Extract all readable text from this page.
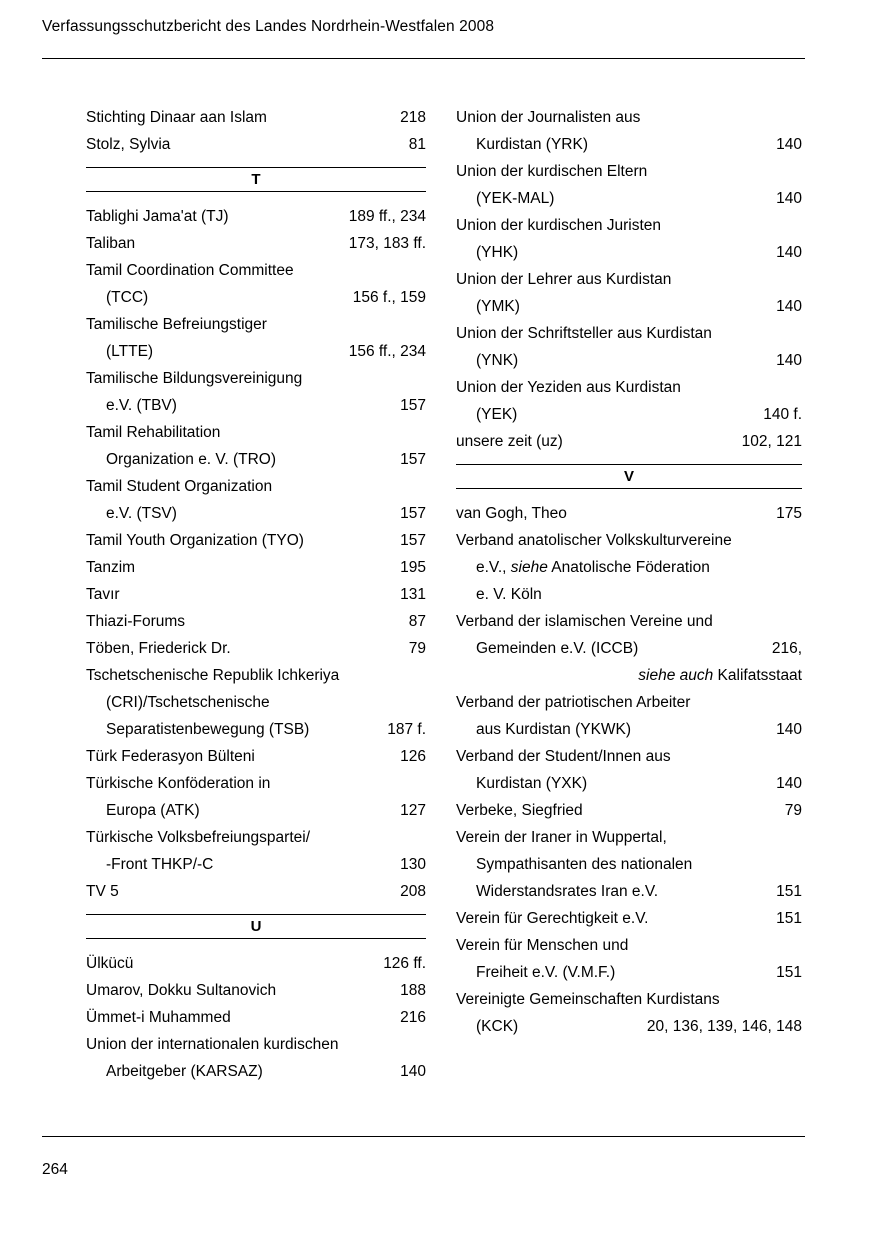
Verfassungsschutzbericht des Landes Nordrhein-Westfalen 2008
Stichting Dinaar aan Islam	218
Stolz, Sylvia	81
T
Tablighi Jama'at (TJ)	189 ff., 234
Taliban	173, 183 ff.
Tamil Coordination Committee
(TCC)	156 f., 159
Tamilische Befreiungstiger
(LTTE)	156 ff., 234
Tamilische Bildungsvereinigung
e.V. (TBV)	157
Tamil Rehabilitation
Organization e. V. (TRO)	157
Tamil Student Organization
e.V. (TSV)	157
Tamil Youth Organization (TYO)	157
Tanzim	195
Tavır	131
Thiazi-Forums	87
Töben, Friederick Dr.	79
Tschetschenische Republik Ichkeriya
(CRI)/Tschetschenische
Separatistenbewegung (TSB)	187 f.
Türk Federasyon Bülteni	126
Türkische Konföderation in
Europa (ATK)	127
Türkische Volksbefreiungspartei/
-Front THKP/-C	130
TV 5	208
U
Ülkücü	126 ff.
Umarov, Dokku Sultanovich	188
Ümmet-i Muhammed	216
Union der internationalen kurdischen
Arbeitgeber (KARSAZ)	140
Union der Journalisten aus
Kurdistan (YRK)	140
Union der kurdischen Eltern
(YEK-MAL)	140
Union der kurdischen Juristen
(YHK)	140
Union der Lehrer aus Kurdistan
(YMK)	140
Union der Schriftsteller aus Kurdistan
(YNK)	140
Union der Yeziden aus Kurdistan
(YEK)	140 f.
unsere zeit (uz)	102, 121
V
van Gogh, Theo	175
Verband anatolischer Volkskulturvereine
e.V., siehe Anatolische Föderation
e. V. Köln
Verband der islamischen Vereine und
Gemeinden e.V. (ICCB)	216,
siehe auch Kalifatsstaat
Verband der patriotischen Arbeiter
aus Kurdistan (YKWK)	140
Verband der Student/Innen aus
Kurdistan (YXK)	140
Verbeke, Siegfried	79
Verein der Iraner in Wuppertal,
Sympathisanten des nationalen
Widerstandsrates Iran e.V.	151
Verein für Gerechtigkeit e.V.	151
Verein für Menschen und
Freiheit e.V. (V.M.F.)	151
Vereinigte Gemeinschaften Kurdistans
(KCK)	20, 136, 139, 146, 148
264
